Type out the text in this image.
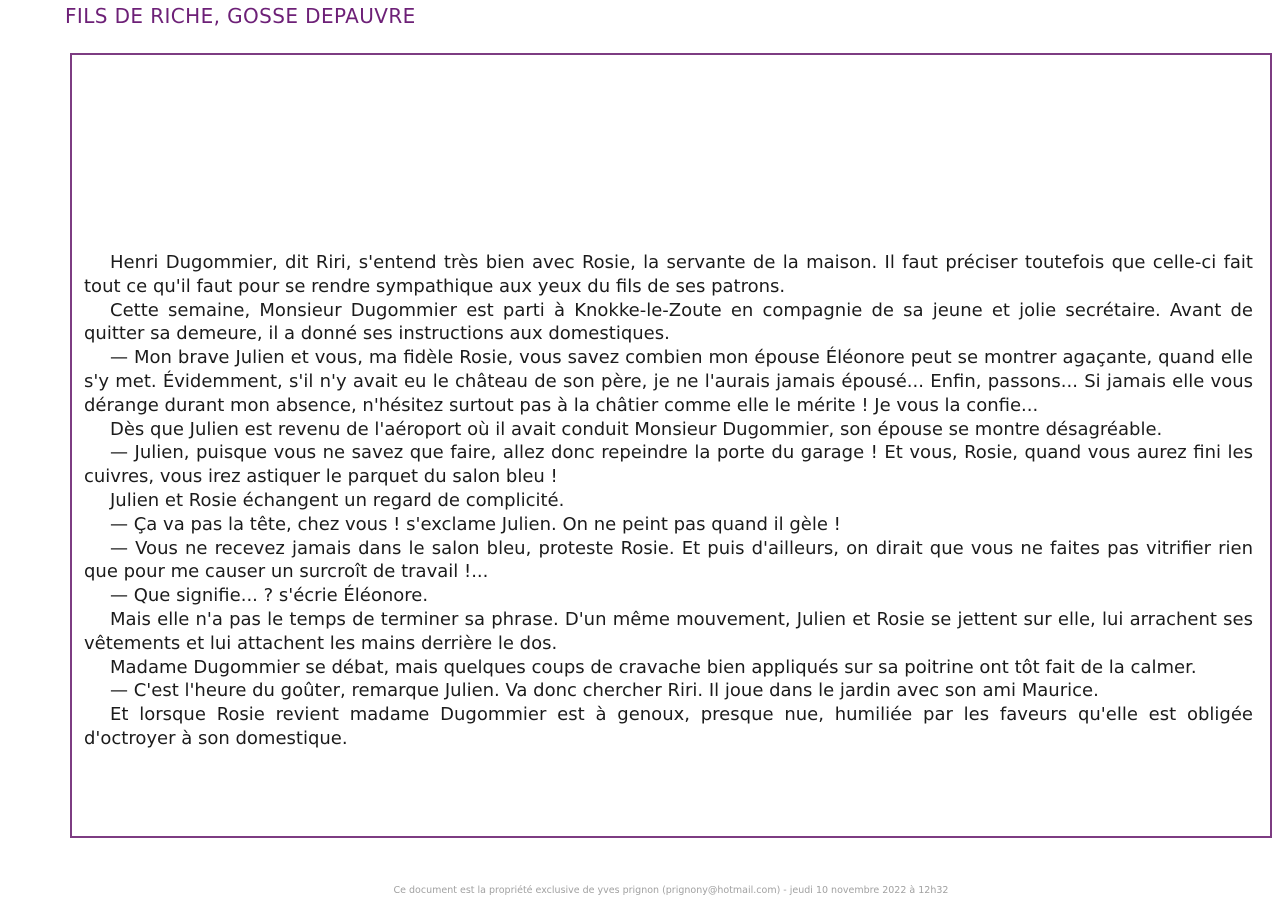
FILS DE RICHE, GOSSE DEPAUVRE

Henri Dugommier, dit Riri, s'entend très bien avec Rosie, la servante de la maison. Il faut préciser toutefois que celle-ci fait tout ce qu'il faut pour se rendre sympathique aux yeux du fils de ses patrons.

Cette semaine, Monsieur Dugommier est parti à Knokke-le-Zoute en compagnie de sa jeune et jolie secrétaire. Avant de quitter sa demeure, il a donné ses instructions aux domestiques.

— Mon brave Julien et vous, ma fidèle Rosie, vous savez combien mon épouse Éléonore peut se montrer agaçante, quand elle s'y met. Évidemment, s'il n'y avait eu le château de son père, je ne l'aurais jamais épousé... Enfin, passons... Si jamais elle vous dérange durant mon absence, n'hésitez surtout pas à la châtier comme elle le mérite ! Je vous la confie...

Dès que Julien est revenu de l'aéroport où il avait conduit Monsieur Dugommier, son épouse se montre désagréable.

— Julien, puisque vous ne savez que faire, allez donc repeindre la porte du garage ! Et vous, Rosie, quand vous aurez fini les cuivres, vous irez astiquer le parquet du salon bleu !

Julien et Rosie échangent un regard de complicité.

— Ça va pas la tête, chez vous ! s'exclame Julien. On ne peint pas quand il gèle !

— Vous ne recevez jamais dans le salon bleu, proteste Rosie. Et puis d'ailleurs, on dirait que vous ne faites pas vitrifier rien que pour me causer un surcroît de travail !...

— Que signifie... ? s'écrie Éléonore.

Mais elle n'a pas le temps de terminer sa phrase. D'un même mouvement, Julien et Rosie se jettent sur elle, lui arrachent ses vêtements et lui attachent les mains derrière le dos.

Madame Dugommier se débat, mais quelques coups de cravache bien appliqués sur sa poitrine ont tôt fait de la calmer.

— C'est l'heure du goûter, remarque Julien. Va donc chercher Riri. Il joue dans le jardin avec son ami Maurice.

Et lorsque Rosie revient madame Dugommier est à genoux, presque nue, humiliée par les faveurs qu'elle est obligée d'octroyer à son domestique.

Ce document est la propriété exclusive de yves prignon (prignony@hotmail.com) - jeudi 10 novembre 2022 à 12h32
